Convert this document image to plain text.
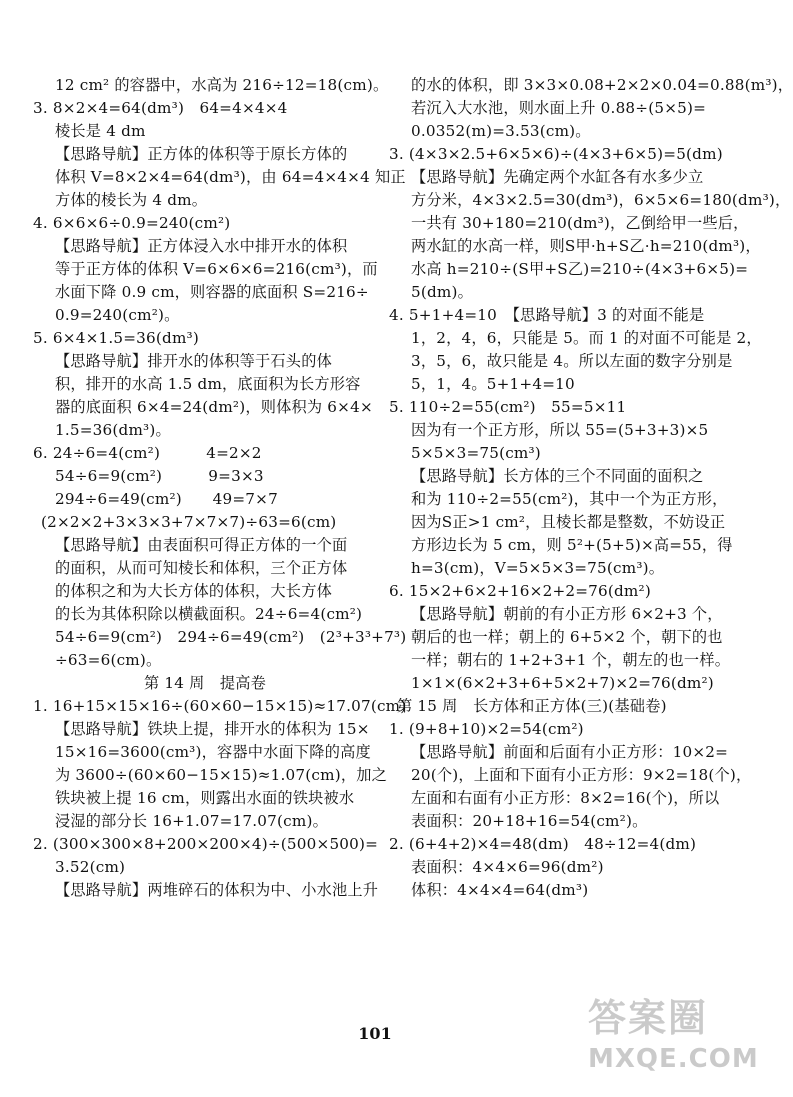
12 cm² 的容器中，水高为 216÷12=18(cm)。
3. 8×2×4=64(dm³)　64=4×4×4
棱长是 4 dm
【思路导航】正方体的体积等于原长方体的
体积 V=8×2×4=64(dm³)，由 64=4×4×4 知正
方体的棱长为 4 dm。
4. 6×6×6÷0.9=240(cm²)
【思路导航】正方体浸入水中排开水的体积
等于正方体的体积 V=6×6×6=216(cm³)，而
水面下降 0.9 cm，则容器的底面积 S=216÷
0.9=240(cm²)。
5. 6×4×1.5=36(dm³)
【思路导航】排开水的体积等于石头的体
积，排开的水高 1.5 dm，底面积为长方形容
器的底面积 6×4=24(dm²)，则体积为 6×4×
1.5=36(dm³)。
6. 24÷6=4(cm²)　　　4=2×2
54÷6=9(cm²)　　　9=3×3
294÷6=49(cm²)　　49=7×7
(2×2×2+3×3×3+7×7×7)÷63=6(cm)
【思路导航】由表面积可得正方体的一个面
的面积，从而可知棱长和体积，三个正方体
的体积之和为大长方体的体积，大长方体
的长为其体积除以横截面积。24÷6=4(cm²)
54÷6=9(cm²)　294÷6=49(cm²)　(2³+3³+7³)
÷63=6(cm)。
第 14 周　提高卷
1. 16+15×15×16÷(60×60−15×15)≈17.07(cm)
【思路导航】铁块上提，排开水的体积为 15×
15×16=3600(cm³)，容器中水面下降的高度
为 3600÷(60×60−15×15)≈1.07(cm)，加之
铁块被上提 16 cm，则露出水面的铁块被水
浸湿的部分长 16+1.07=17.07(cm)。
2. (300×300×8+200×200×4)÷(500×500)=
3.52(cm)
【思路导航】两堆碎石的体积为中、小水池上升
的水的体积，即 3×3×0.08+2×2×0.04=0.88(m³)，
若沉入大水池，则水面上升 0.88÷(5×5)=
0.0352(m)=3.53(cm)。
3. (4×3×2.5+6×5×6)÷(4×3+6×5)=5(dm)
【思路导航】先确定两个水缸各有水多少立
方分米，4×3×2.5=30(dm³)，6×5×6=180(dm³)，
一共有 30+180=210(dm³)，乙倒给甲一些后，
两水缸的水高一样，则S甲·h+S乙·h=210(dm³)，
水高 h=210÷(S甲+S乙)=210÷(4×3+6×5)=
5(dm)。
4. 5+1+4=10　【思路导航】3 的对面不能是
1，2，4，6，只能是 5。而 1 的对面不可能是 2，
3，5，6，故只能是 4。所以左面的数字分别是
5，1，4。5+1+4=10
5. 110÷2=55(cm²)　55=5×11
因为有一个正方形，所以 55=(5+3+3)×5
5×5×3=75(cm³)
【思路导航】长方体的三个不同面的面积之
和为 110÷2=55(cm²)，其中一个为正方形，
因为S正>1 cm²，且棱长都是整数，不妨设正
方形边长为 5 cm，则 5²+(5+5)×高=55，得
h=3(cm)，V=5×5×3=75(cm³)。
6. 15×2+6×2+16×2+2=76(dm²)
【思路导航】朝前的有小正方形 6×2+3 个，
朝后的也一样；朝上的 6+5×2 个，朝下的也
一样；朝右的 1+2+3+1 个，朝左的也一样。
1×1×(6×2+3+6+5×2+7)×2=76(dm²)
第 15 周　长方体和正方体(三)(基础卷)
1. (9+8+10)×2=54(cm²)
【思路导航】前面和后面有小正方形：10×2=
20(个)，上面和下面有小正方形：9×2=18(个)，
左面和右面有小正方形：8×2=16(个)，所以
表面积：20+18+16=54(cm²)。
2. (6+4+2)×4=48(dm)　48÷12=4(dm)
表面积：4×4×6=96(dm²)
体积：4×4×4=64(dm³)
101	答案圈
MXQE.COM
